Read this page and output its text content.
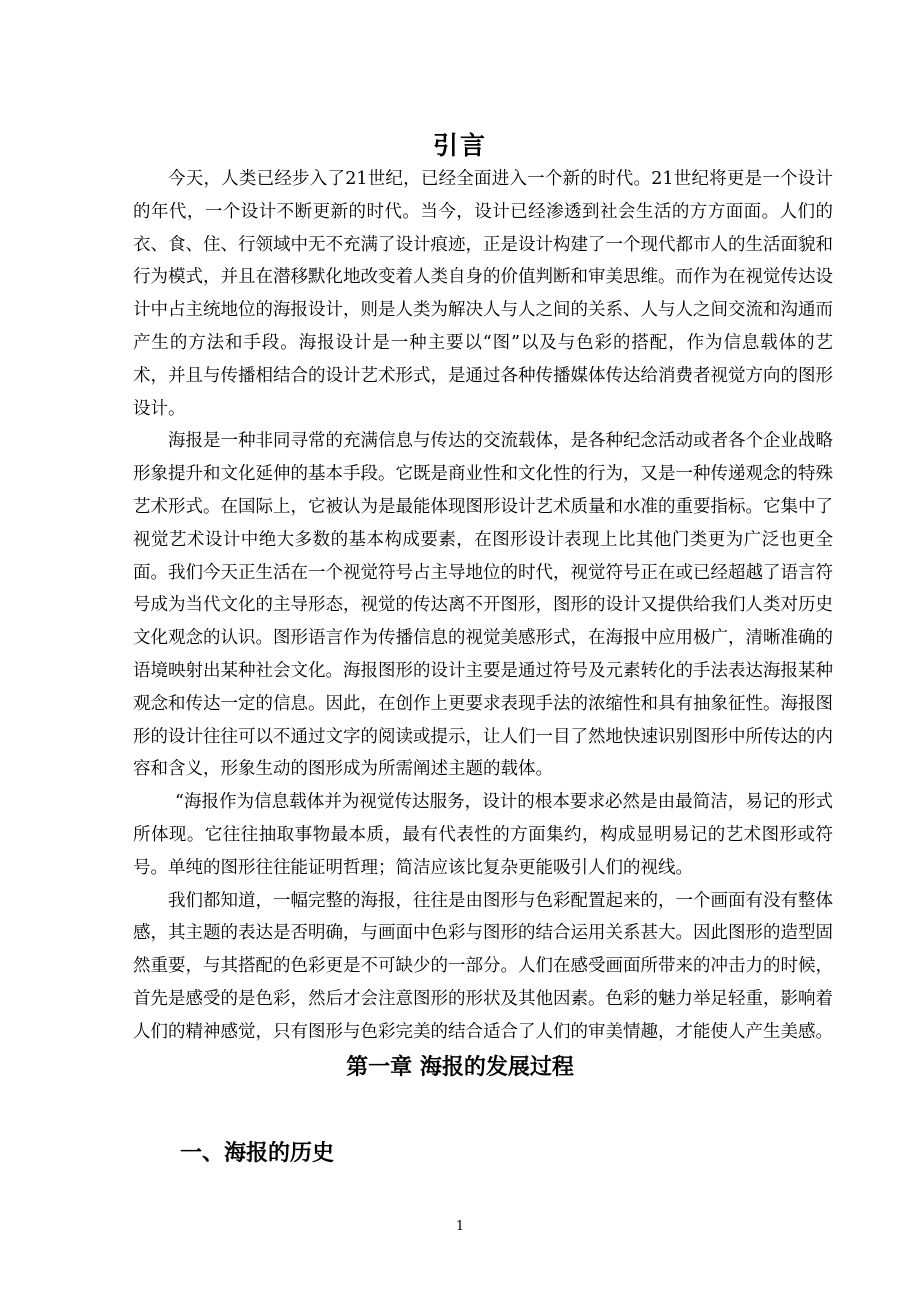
引言

今天，人类已经步入了21世纪，已经全面进入一个新的时代。21世纪将更是一个设计的年代，一个设计不断更新的时代。当今，设计已经渗透到社会生活的方方面面。人们的衣、食、住、行领域中无不充满了设计痕迹，正是设计构建了一个现代都市人的生活面貌和行为模式，并且在潜移默化地改变着人类自身的价值判断和审美思维。而作为在视觉传达设计中占主统地位的海报设计，则是人类为解决人与人之间的关系、人与人之间交流和沟通而产生的方法和手段。海报设计是一种主要以“图”以及与色彩的搭配，作为信息载体的艺术，并且与传播相结合的设计艺术形式，是通过各种传播媒体传达给消费者视觉方向的图形设计。

海报是一种非同寻常的充满信息与传达的交流载体，是各种纪念活动或者各个企业战略形象提升和文化延伸的基本手段。它既是商业性和文化性的行为，又是一种传递观念的特殊艺术形式。在国际上，它被认为是最能体现图形设计艺术质量和水准的重要指标。它集中了视觉艺术设计中绝大多数的基本构成要素，在图形设计表现上比其他门类更为广泛也更全面。我们今天正生活在一个视觉符号占主导地位的时代，视觉符号正在或已经超越了语言符号成为当代文化的主导形态，视觉的传达离不开图形，图形的设计又提供给我们人类对历史文化观念的认识。图形语言作为传播信息的视觉美感形式，在海报中应用极广，清晰准确的语境映射出某种社会文化。海报图形的设计主要是通过符号及元素转化的手法表达海报某种观念和传达一定的信息。因此，在创作上更要求表现手法的浓缩性和具有抽象征性。海报图形的设计往往可以不通过文字的阅读或提示，让人们一目了然地快速识别图形中所传达的内容和含义，形象生动的图形成为所需阐述主题的载体。

“海报作为信息载体并为视觉传达服务，设计的根本要求必然是由最简洁，易记的形式所体现。它往往抽取事物最本质，最有代表性的方面集约，构成显明易记的艺术图形或符号。单纯的图形往往能证明哲理；简洁应该比复杂更能吸引人们的视线。

我们都知道，一幅完整的海报，往往是由图形与色彩配置起来的，一个画面有没有整体感，其主题的表达是否明确，与画面中色彩与图形的结合运用关系甚大。因此图形的造型固然重要，与其搭配的色彩更是不可缺少的一部分。人们在感受画面所带来的冲击力的时候，首先是感受的是色彩，然后才会注意图形的形状及其他因素。色彩的魅力举足轻重，影响着人们的精神感觉，只有图形与色彩完美的结合适合了人们的审美情趣，才能使人产生美感。

第一章 海报的发展过程
一、海报的历史
1
